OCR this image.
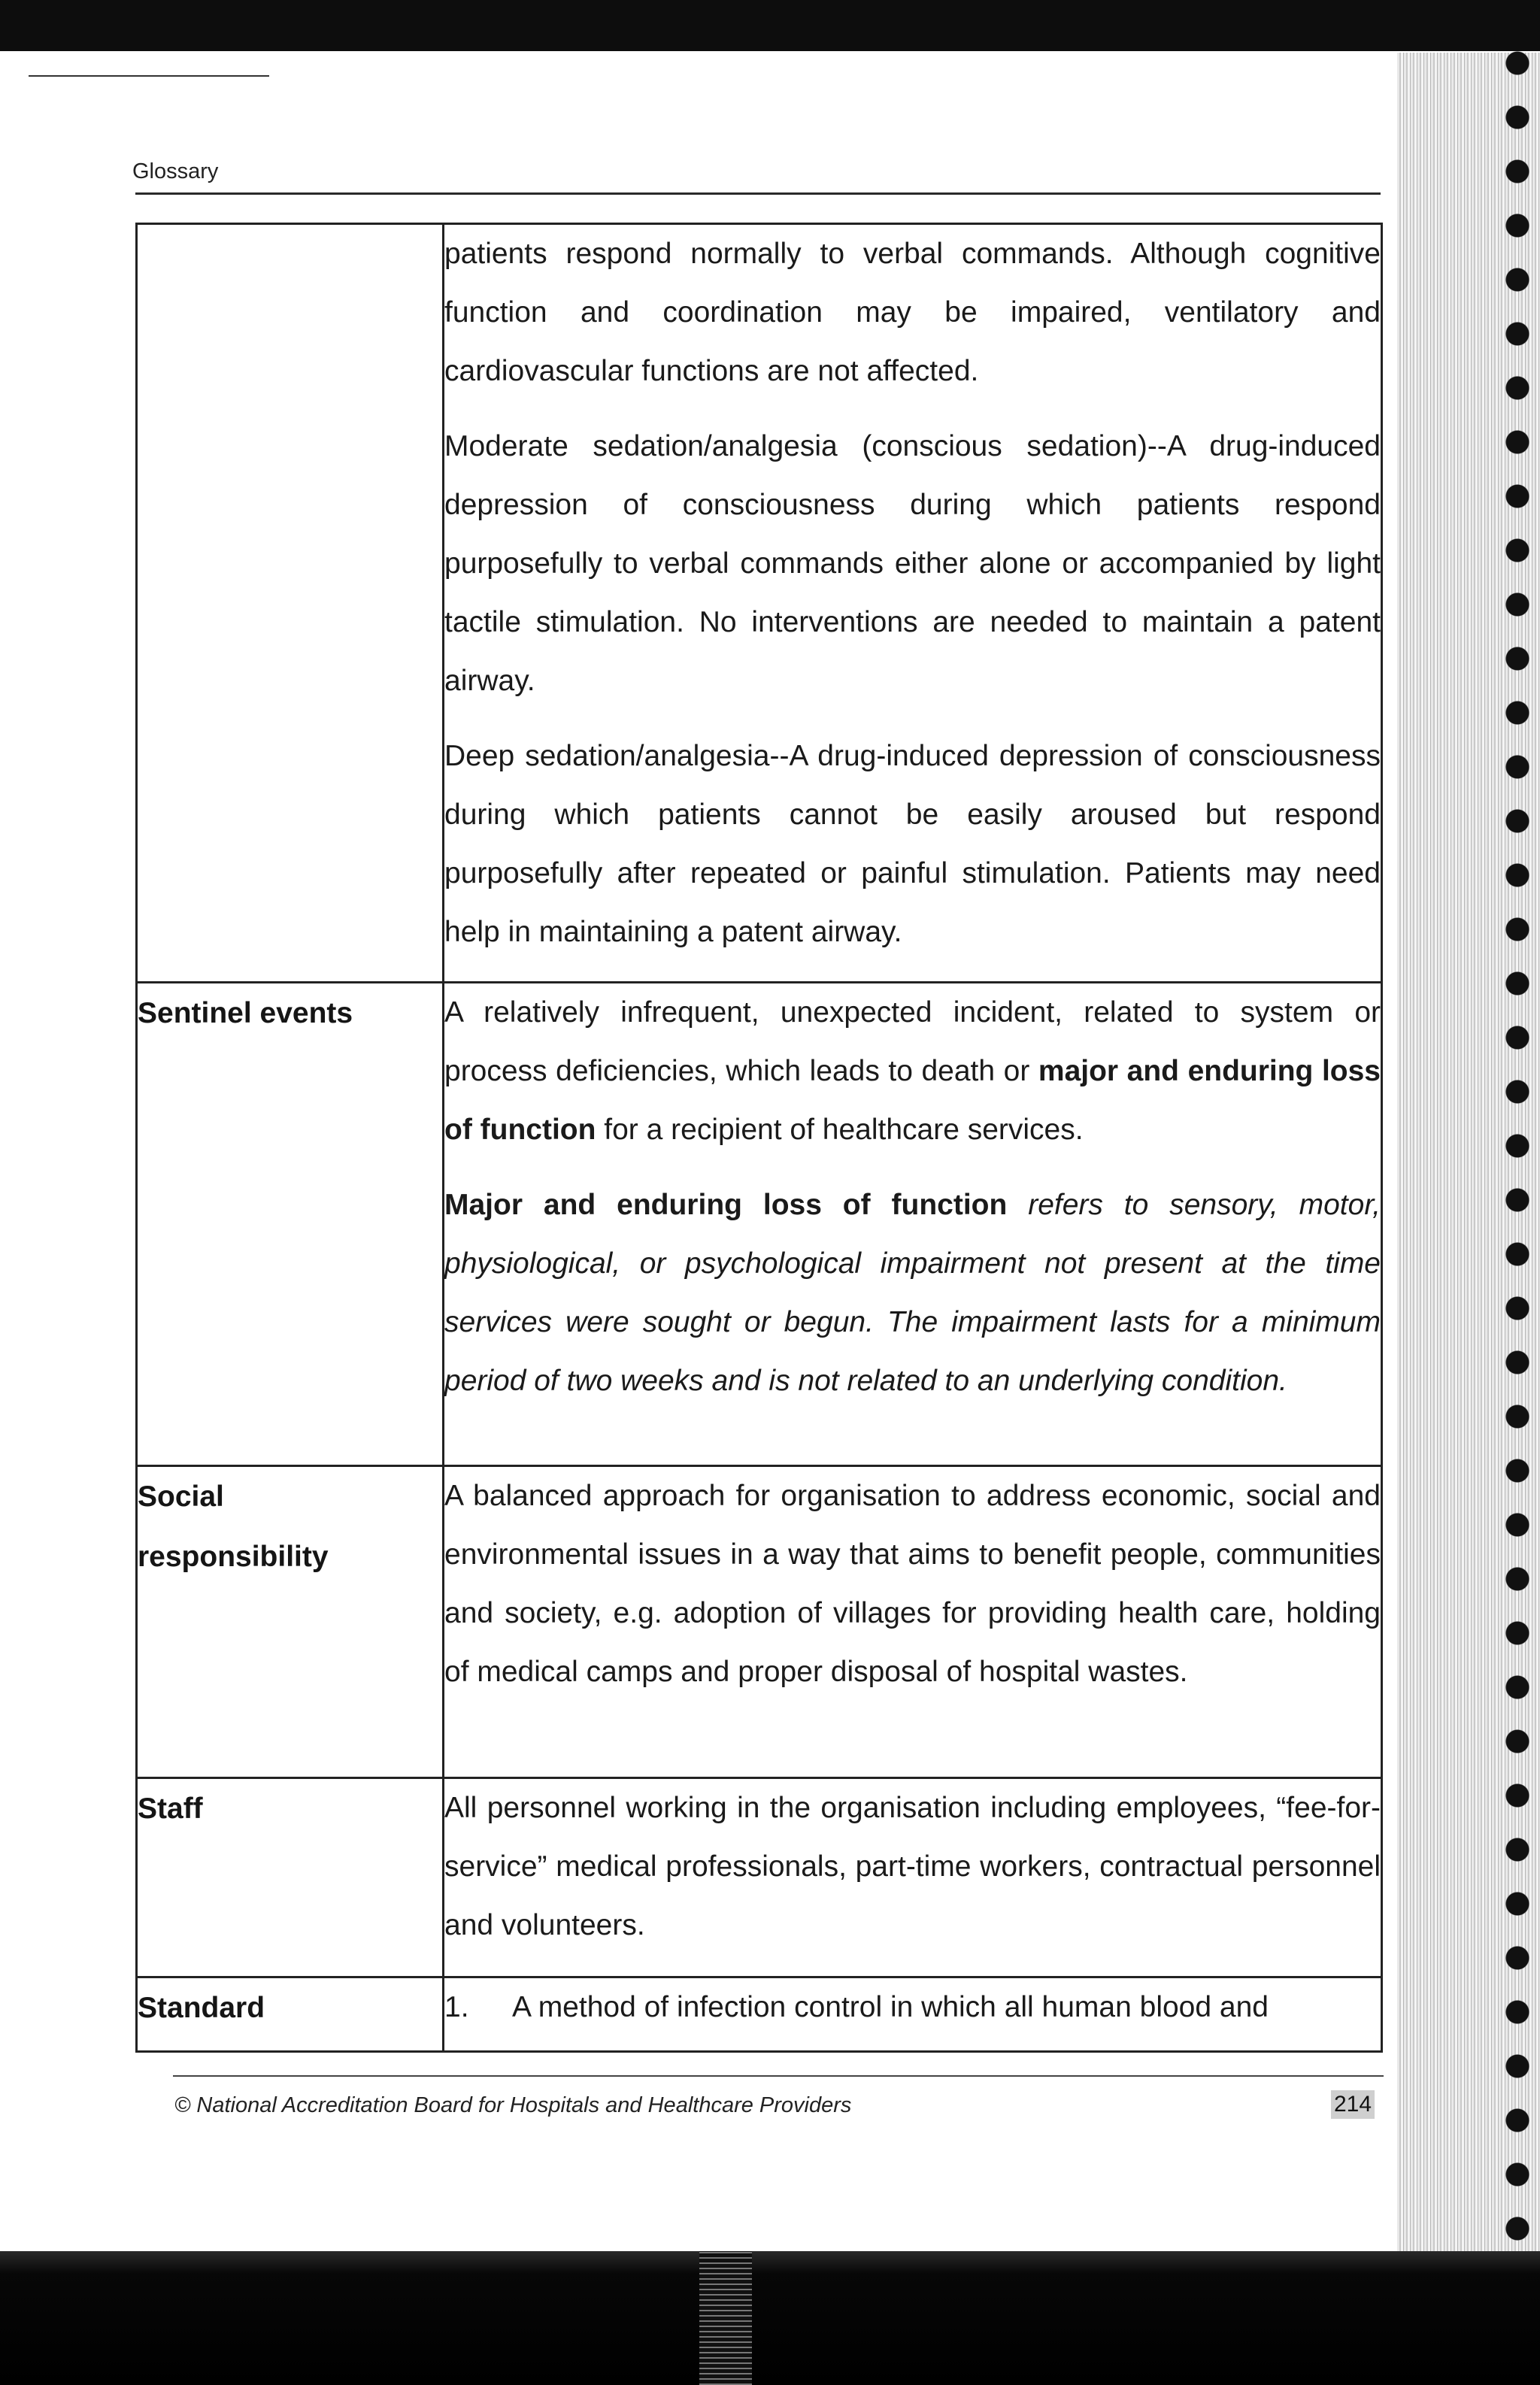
Glossary

	patients respond normally to verbal commands. Although cognitive function and coordination may be impaired, ventilatory and cardiovascular functions are not affected.

Moderate sedation/analgesia (conscious sedation)--A drug-induced depression of consciousness during which patients respond purposefully to verbal commands either alone or accompanied by light tactile stimulation. No interventions are needed to maintain a patent airway.

Deep sedation/analgesia--A drug-induced depression of consciousness during which patients cannot be easily aroused but respond purposefully after repeated or painful stimulation. Patients may need help in maintaining a patent airway.

Sentinel events	A relatively infrequent, unexpected incident, related to system or process deficiencies, which leads to death or major and enduring loss of function for a recipient of healthcare services.

Major and enduring loss of function refers to sensory, motor, physiological, or psychological impairment not present at the time services were sought or begun. The impairment lasts for a minimum period of two weeks and is not related to an underlying condition.

Social
responsibility	A balanced approach for organisation to address economic, social and environmental issues in a way that aims to benefit people, communities and society, e.g. adoption of villages for providing health care, holding of medical camps and proper disposal of hospital wastes.
Staff	All personnel working in the organisation including employees, “fee-for-service” medical professionals, part-time workers, contractual personnel and volunteers.
Standard	1. A method of infection control in which all human blood and
© National Accreditation Board for Hospitals and Healthcare Providers	214
